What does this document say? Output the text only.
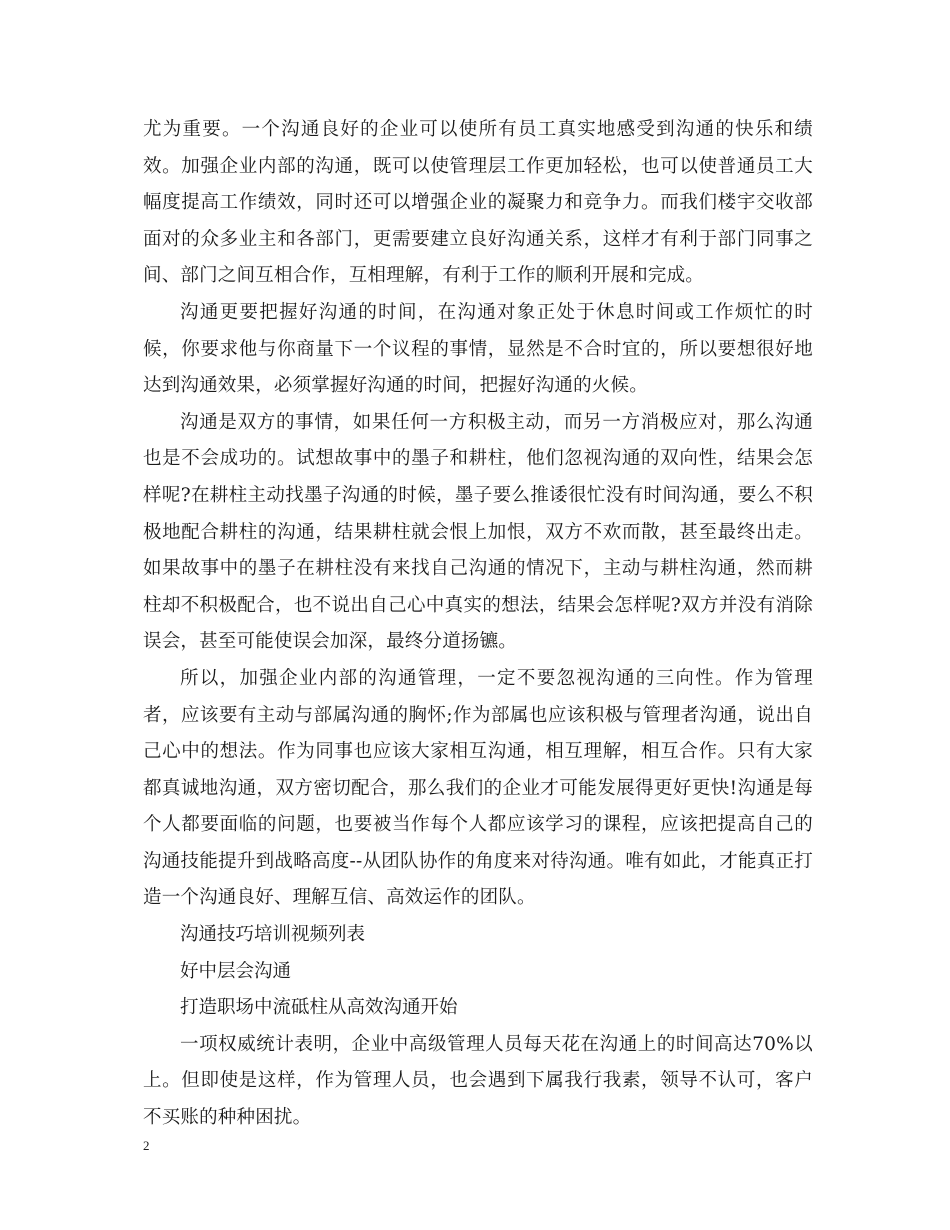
尤为重要。一个沟通良好的企业可以使所有员工真实地感受到沟通的快乐和绩效。加强企业内部的沟通，既可以使管理层工作更加轻松，也可以使普通员工大幅度提高工作绩效，同时还可以增强企业的凝聚力和竞争力。而我们楼宇交收部面对的众多业主和各部门，更需要建立良好沟通关系，这样才有利于部门同事之间、部门之间互相合作，互相理解，有利于工作的顺利开展和完成。

沟通更要把握好沟通的时间，在沟通对象正处于休息时间或工作烦忙的时候，你要求他与你商量下一个议程的事情，显然是不合时宜的，所以要想很好地达到沟通效果，必须掌握好沟通的时间，把握好沟通的火候。

沟通是双方的事情，如果任何一方积极主动，而另一方消极应对，那么沟通也是不会成功的。试想故事中的墨子和耕柱，他们忽视沟通的双向性，结果会怎样呢?在耕柱主动找墨子沟通的时候，墨子要么推诿很忙没有时间沟通，要么不积极地配合耕柱的沟通，结果耕柱就会恨上加恨，双方不欢而散，甚至最终出走。如果故事中的墨子在耕柱没有来找自己沟通的情况下，主动与耕柱沟通，然而耕柱却不积极配合，也不说出自己心中真实的想法，结果会怎样呢?双方并没有消除误会，甚至可能使误会加深，最终分道扬镳。

所以，加强企业内部的沟通管理，一定不要忽视沟通的三向性。作为管理者，应该要有主动与部属沟通的胸怀;作为部属也应该积极与管理者沟通，说出自己心中的想法。作为同事也应该大家相互沟通，相互理解，相互合作。只有大家都真诚地沟通，双方密切配合，那么我们的企业才可能发展得更好更快!沟通是每个人都要面临的问题，也要被当作每个人都应该学习的课程，应该把提高自己的沟通技能提升到战略高度--从团队协作的角度来对待沟通。唯有如此，才能真正打造一个沟通良好、理解互信、高效运作的团队。

沟通技巧培训视频列表

好中层会沟通

打造职场中流砥柱从高效沟通开始

一项权威统计表明，企业中高级管理人员每天花在沟通上的时间高达70%以上。但即使是这样，作为管理人员，也会遇到下属我行我素，领导不认可，客户不买账的种种困扰。

2
